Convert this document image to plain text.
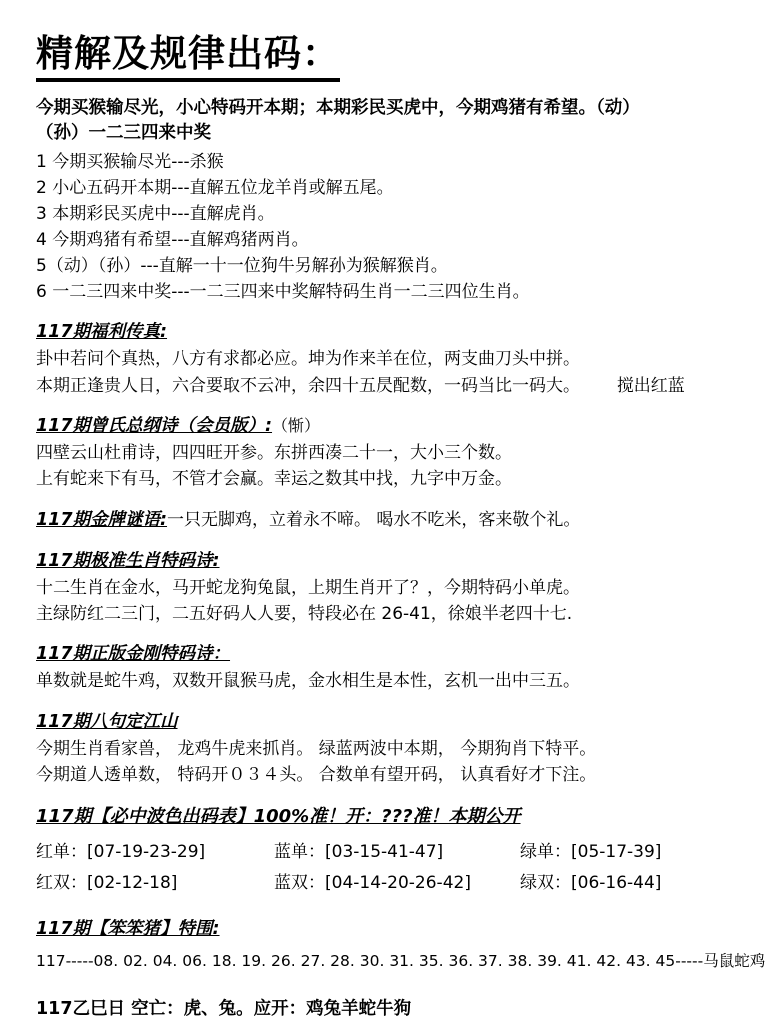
精解及规律出码：
今期买猴输尽光，小心特码开本期；本期彩民买虎中，今期鸡猪有希望。（动）
（孙）一二三四来中奖
1 今期买猴输尽光---杀猴
2 小心五码开本期---直解五位龙羊肖或解五尾。
3 本期彩民买虎中---直解虎肖。
4 今期鸡猪有希望---直解鸡猪两肖。
5（动）（孙）---直解一十一位狗牛另解孙为猴解猴肖。
6 一二三四来中奖---一二三四来中奖解特码生肖一二三四位生肖。
117期福利传真:
卦中若问个真热，八方有求都必应。坤为作来羊在位，两支曲刀头中拼。
本期正逢贵人日，六合要取不云冲，余四十五昃配数，一码当比一码大。 搅出红蓝
117期曾氏总纲诗（会员版）:（惭）
四壁云山杜甫诗，四四旺开参。东拼西凑二十一，大小三个数。
上有蛇来下有马，不管才会赢。幸运之数其中找，九字中万金。
117期金牌谜语:一只无脚鸡，立着永不啼。 喝水不吃米，客来敬个礼。
117期极准生肖特码诗:
十二生肖在金水，马开蛇龙狗兔鼠，上期生肖开了？，今期特码小单虎。
主绿防红二三门，二五好码人人要，特段必在 26-41，徐娘半老四十七.
117期正版金刚特码诗：
单数就是蛇牛鸡，双数开鼠猴马虎，金水相生是本性，玄机一出中三五。
117期八句定江山
今期生肖看家兽， 龙鸡牛虎来抓肖。 绿蓝两波中本期， 今期狗肖下特平。
今期道人透单数， 特码开０３４头。 合数单有望开码， 认真看好才下注。
117期【必中波色出码表】100%准！开：???准！本期公开
红单：[07-19-23-29]	蓝单：[03-15-41-47]	绿单：[05-17-39]
红双：[02-12-18]	蓝双：[04-14-20-26-42]	绿双：[06-16-44]
117期【笨笨猪】特围:
117-----08. 02. 04. 06. 18. 19. 26. 27. 28. 30. 31. 35. 36. 37. 38. 39. 41. 42. 43. 45-----马鼠蛇鸡
117乙巳日 空亡：虎、兔。应开：鸡兔羊蛇牛狗
